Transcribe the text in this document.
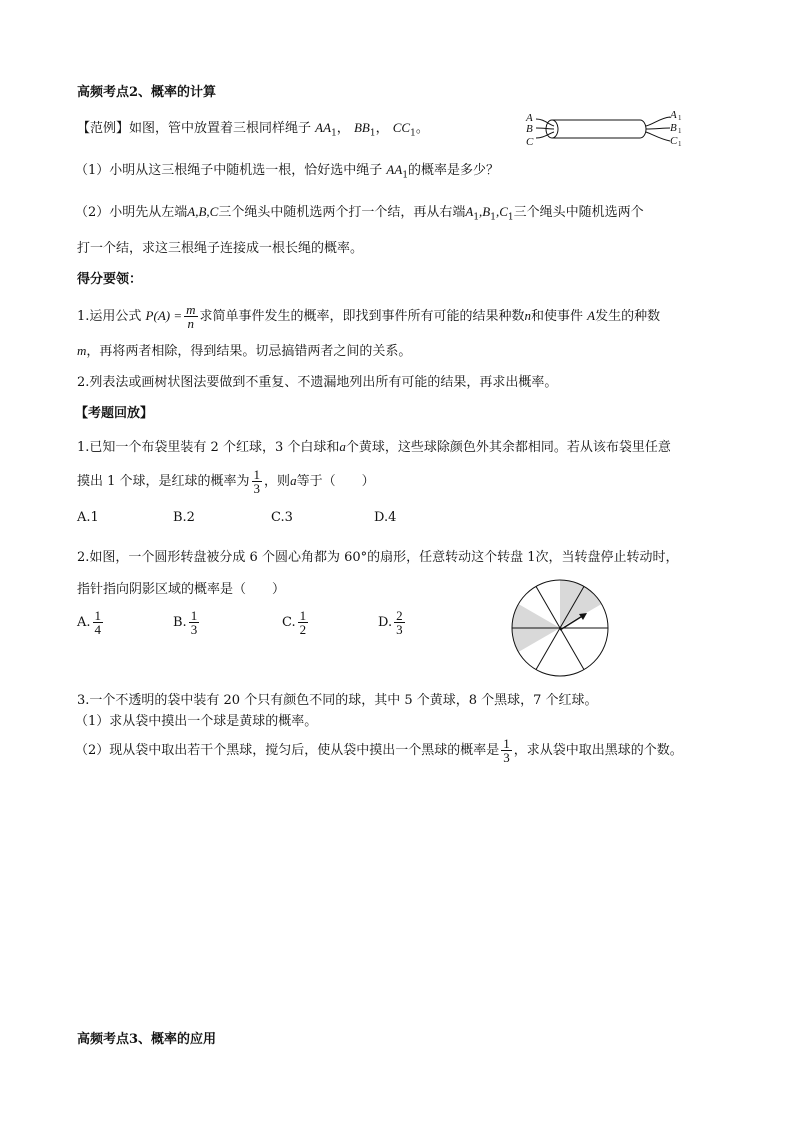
高频考点2、概率的计算
【范例】如图，管中放置着三根同样绳子 $AA_1$， $BB_1$， $CC_1$。
A
B
C
A
B
C
1
1
1
（1）小明从这三根绳子中随机选一根，恰好选中绳子 $AA_1$的概率是多少？
（2）小明先从左端A,B,C三个绳头中随机选两个打一个结，再从右端$A_1,B_1,C_1$三个绳头中随机选两个
打一个结，求这三根绳子连接成一根长绳的概率。
得分要领：
1.运用公式 $P(A) = \frac{m}{n}$ 求简单事件发生的概率，即找到事件所有可能的结果种数n和使事件 A发生的种数
m，再将两者相除，得到结果。切忌搞错两者之间的关系。
2.列表法或画树状图法要做到不重复、不遗漏地列出所有可能的结果，再求出概率。
【考题回放】
1.已知一个布袋里装有 2 个红球，3 个白球和a个黄球，这些球除颜色外其余都相同。若从该布袋里任意
摸出 1 个球，是红球的概率为 $\frac{1}{3}$ ，则a等于（　　）
A.1	B.2	C.3	D.4
2.如图，一个圆形转盘被分成 6 个圆心角都为 60°的扇形，任意转动这个转盘 1次，当转盘停止转动时，
指针指向阴影区域的概率是（　　）
A. $\frac{1}{4}$	B. $\frac{1}{3}$	C. $\frac{1}{2}$	D. $\frac{2}{3}$
3.一个不透明的袋中装有 20 个只有颜色不同的球，其中 5 个黄球，8 个黑球，7 个红球。
（1）求从袋中摸出一个球是黄球的概率。
（2）现从袋中取出若干个黑球，搅匀后，使从袋中摸出一个黑球的概率是 $\frac{1}{3}$ ，求从袋中取出黑球的个数。
高频考点3、概率的应用
